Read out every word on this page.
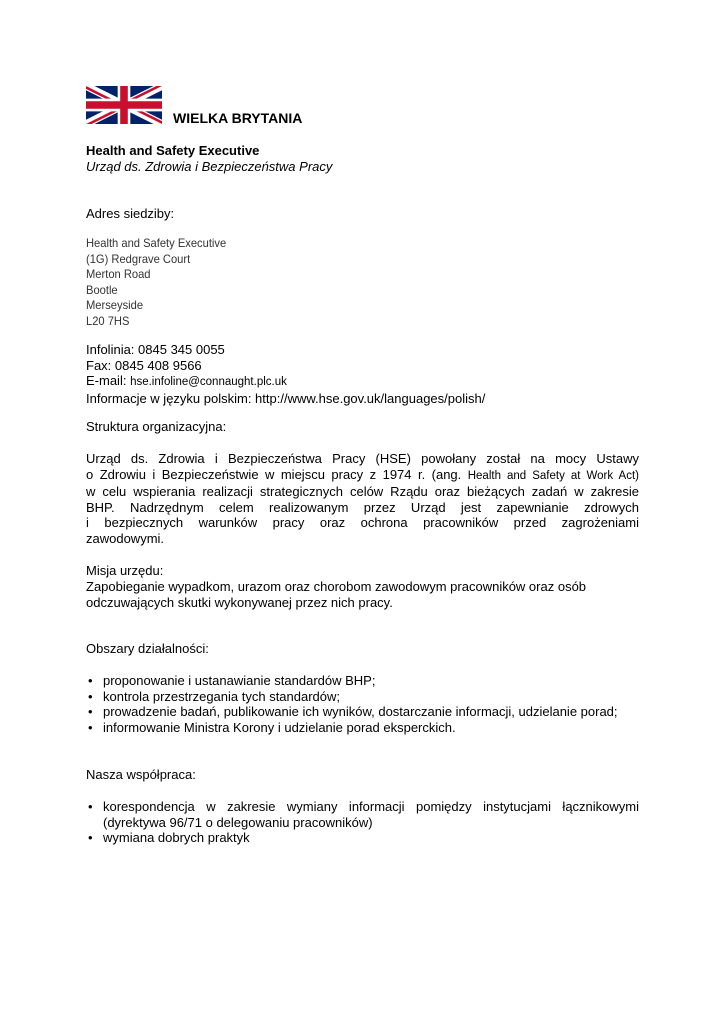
WIELKA BRYTANIA
Health and Safety Executive
Urząd ds. Zdrowia i Bezpieczeństwa Pracy
Adres siedziby:
Health and Safety Executive
(1G) Redgrave Court
Merton Road
Bootle
Merseyside
L20 7HS
Infolinia: 0845 345 0055
Fax: 0845 408 9566
E-mail: hse.infoline@connaught.plc.uk
Informacje w języku polskim: http://www.hse.gov.uk/languages/polish/
Struktura organizacyjna:
Urząd ds. Zdrowia i Bezpieczeństwa Pracy (HSE) powołany został na mocy Ustawy
o Zdrowiu i Bezpieczeństwie w miejscu pracy z 1974 r. (ang. Health and Safety at Work Act)
w celu wspierania realizacji strategicznych celów Rządu oraz bieżących zadań w zakresie
BHP. Nadrzędnym celem realizowanym przez Urząd jest zapewnianie zdrowych
i bezpiecznych warunków pracy oraz ochrona pracowników przed zagrożeniami
zawodowymi.
Misja urzędu:
Zapobieganie wypadkom, urazom oraz chorobom zawodowym pracowników oraz osób
odczuwających skutki wykonywanej przez nich pracy.
Obszary działalności:
• proponowanie i ustanawianie standardów BHP;
• kontrola przestrzegania tych standardów;
• prowadzenie badań, publikowanie ich wyników, dostarczanie informacji, udzielanie porad;
• informowanie Ministra Korony i udzielanie porad eksperckich.
Nasza współpraca:
• korespondencja w zakresie wymiany informacji pomiędzy instytucjami łącznikowymi
(dyrektywa 96/71 o delegowaniu pracowników)
• wymiana dobrych praktyk
